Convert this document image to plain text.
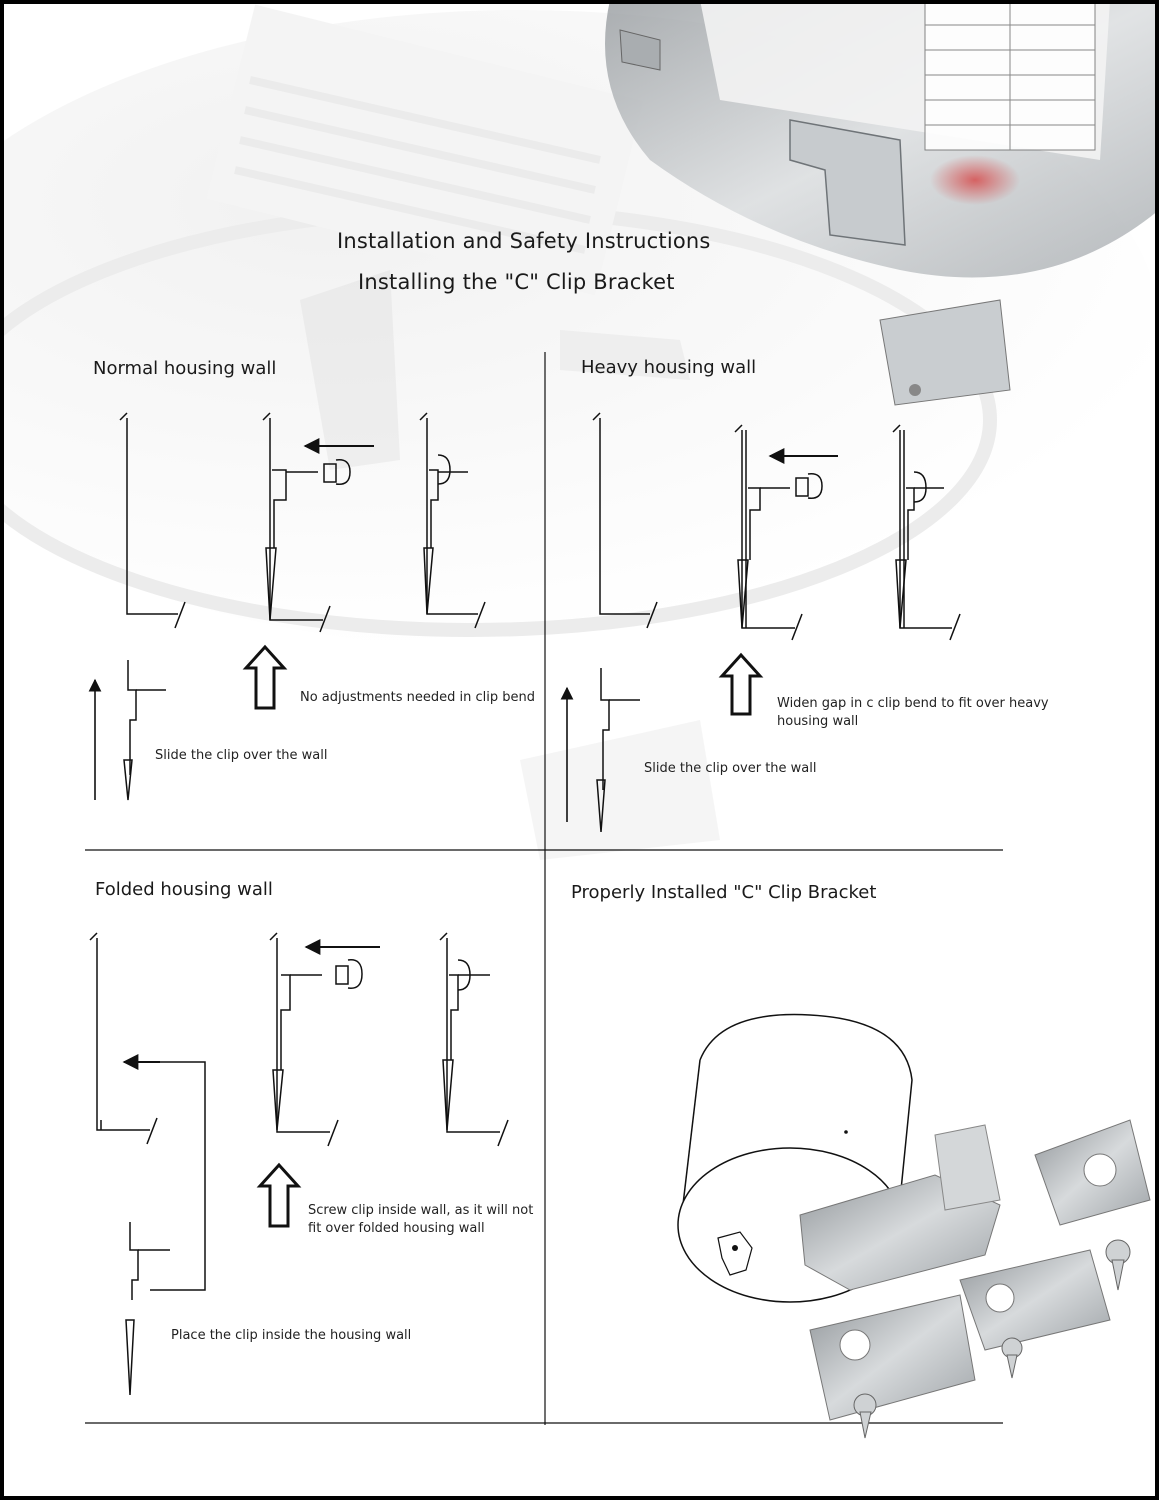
Installation and Safety Instructions

Installing the "C" Clip Bracket

Normal housing wall

No adjustments needed in clip bend

Slide the clip over the wall

Heavy housing wall

Widen gap in c clip bend to fit over heavy

housing wall

Slide the clip over the wall

Folded housing wall

Screw clip inside wall, as it will not

fit over folded housing wall

Place the clip inside the housing wall

Properly Installed "C" Clip Bracket
